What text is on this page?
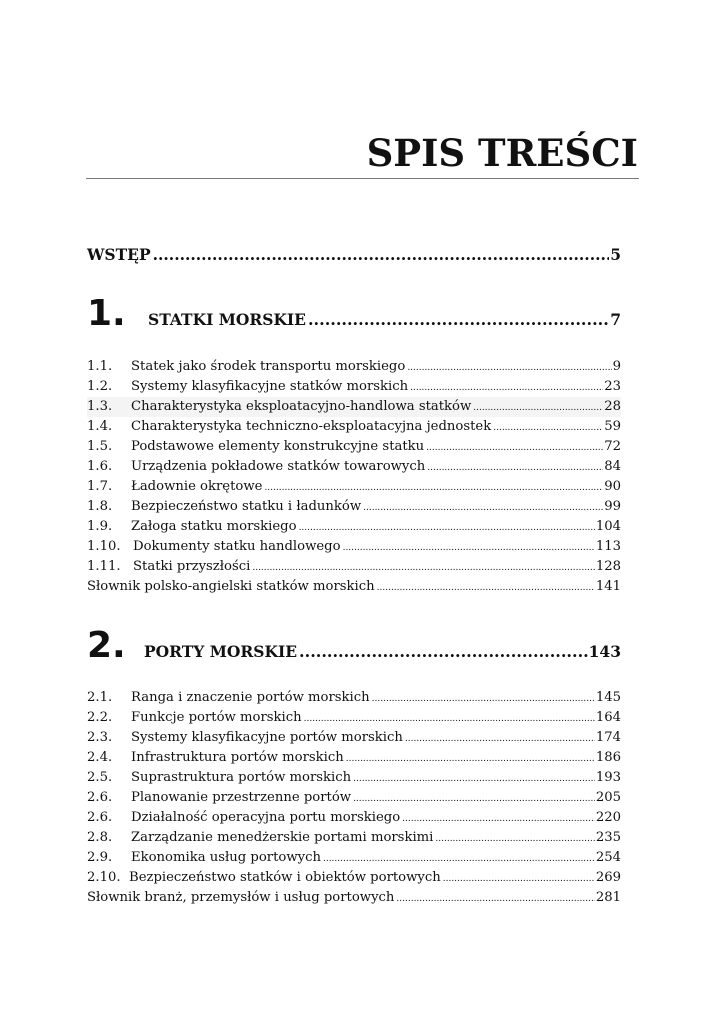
SPIS TREŚCI
WSTĘP .....	5
1.	STATKI MORSKIE .....	7
1.1.	Statek jako środek transportu morskiego .....	9
1.2.	Systemy klasyfikacyjne statków morskich .....	23
1.3.	Charakterystyka eksploatacyjno-handlowa statków .....	28
1.4.	Charakterystyka techniczno-eksploatacyjna jednostek .....	59
1.5.	Podstawowe elementy konstrukcyjne statku .....	72
1.6.	Urządzenia pokładowe statków towarowych .....	84
1.7.	Ładownie okrętowe .....	90
1.8.	Bezpieczeństwo statku i ładunków .....	99
1.9.	Załoga statku morskiego .....	104
1.10. Dokumenty statku handlowego .....	113
1.11. Statki przyszłości .....	128
Słownik polsko-angielski statków morskich .....	141
2.	PORTY MORSKIE .....	143
2.1.	Ranga i znaczenie portów morskich .....	145
2.2.	Funkcje portów morskich .....	164
2.3.	Systemy klasyfikacyjne portów morskich .....	174
2.4.	Infrastruktura portów morskich .....	186
2.5.	Suprastruktura portów morskich .....	193
2.6.	Planowanie przestrzenne portów .....	205
2.6.	Działalność operacyjna portu morskiego .....	220
2.8.	Zarządzanie menedżerskie portami morskimi .....	235
2.9.	Ekonomika usług portowych .....	254
2.10. Bezpieczeństwo statków i obiektów portowych .....	269
Słownik branż, przemysłów i usług portowych .....	281
